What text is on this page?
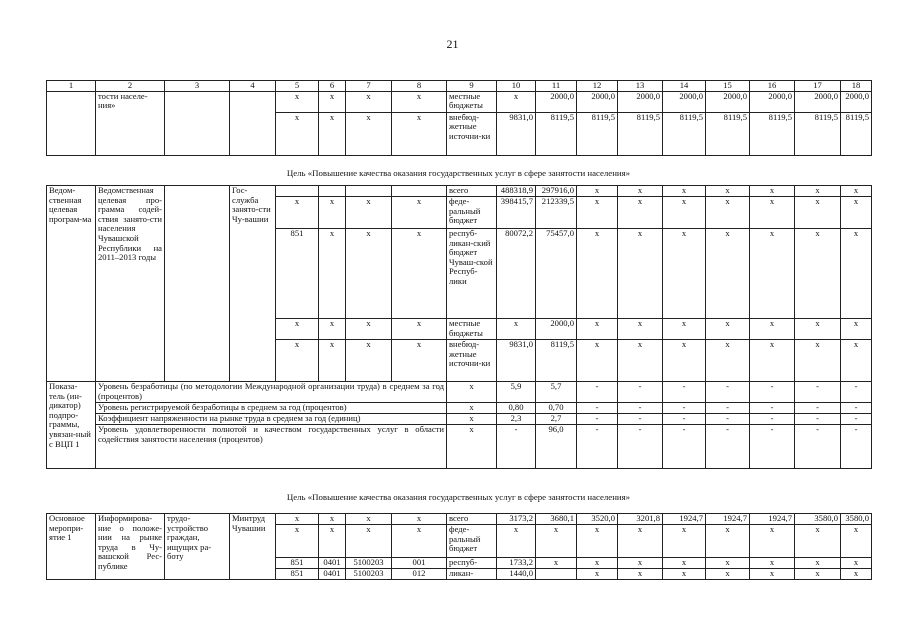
21
1	2	3	4	5	6	7	8	9	10	11	12	13	14	15	16	17	18
	тости населе-ния»			x	x	x	x	местные бюджеты	x	2000,0	2000,0	2000,0	2000,0	2000,0	2000,0	2000,0	2000,0
				x	x	x	x	внебюд-жетные источни-ки	9831,0	8119,5	8119,5	8119,5	8119,5	8119,5	8119,5	8119,5	8119,5
Цель «Повышение качества оказания государственных услуг в сфере занятости населения»
Ведом-ственная целевая програм-ма	Ведомственная целевая про-грамма содей-ствия занято-сти населения Чувашской Республики на 2011–2013 годы		Гос-служба занято-сти Чу-вашии					всего	488318,9	297916,0	x	x	x	x	x	x	x
				x	x	x	x	феде-ральный бюджет	398415,7	212339,5	x	x	x	x	x	x	x
				851	x	x	x	респуб-ликан-ский бюджет Чуваш-ской Респуб-лики	80072,2	75457,0	x	x	x	x	x	x	x
				x	x	x	x	местные бюджеты	x	2000,0	x	x	x	x	x	x	x
				x	x	x	x	внебюд-жетные источни-ки	9831,0	8119,5	x	x	x	x	x	x	x
Показа-тель (ин-дикатор) подпро-граммы, увязан-ный с ВЦП 1	Уровень безработицы (по методологии Международной организации труда) в среднем за год (процентов)							x	5,9	5,7	-	-	-	-	-	-	-
	Уровень регистрируемой безработицы в среднем за год (процентов)							x	0,80	0,70	-	-	-	-	-	-	-
	Коэффициент напряженности на рынке труда в среднем за год (единиц)							x	2,3	2,7	-	-	-	-	-	-	-
	Уровень удовлетворенности полнотой и качеством государственных услуг в области содействия занятости населения (процентов)							x	-	96,0	-	-	-	-	-	-	-
Цель «Повышение качества оказания государственных услуг в сфере занятости населения»
Основное меропри-ятие 1	Информирова-ние о положе-нии на рынке труда в Чу-вашской Рес-публике	трудо-устройство граждан, ищущих ра-боту	Минтруд Чувашии	x	x	x	x	всего	3173,2	3680,1	3520,0	3201,8	1924,7	1924,7	1924,7	3580,0	3580,0
				x	x	x	x	феде-ральный бюджет	x	x	x	x	x	x	x	x	x
				851	0401	5100203	001	респуб-	1733,2	x	x	x	x	x	x	x	x
				851	0401	5100203	012	ликан-	1440,0		x	x	x	x	x	x	x
